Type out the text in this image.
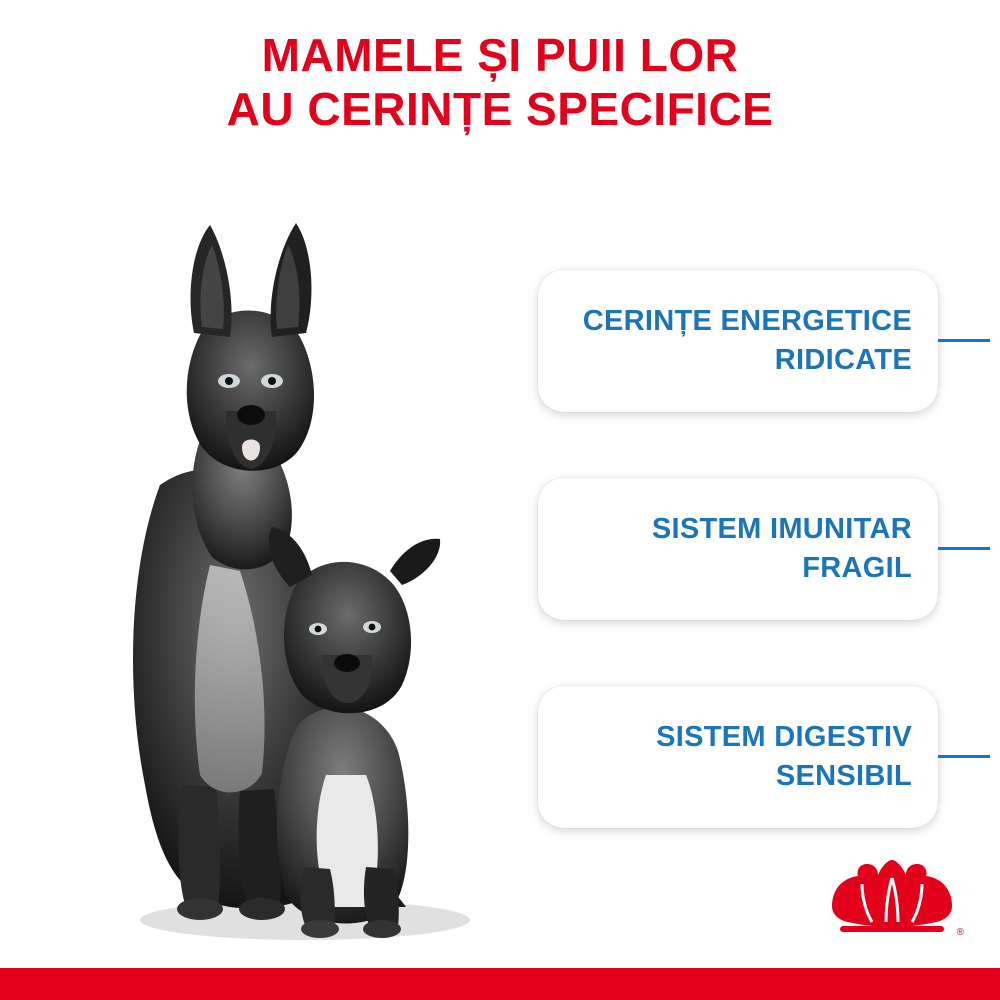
MAMELE ȘI PUII LOR
AU CERINȚE SPECIFICE
CERINȚE ENERGETICE RIDICATE
SISTEM IMUNITAR FRAGIL
SISTEM DIGESTIV SENSIBIL
®
